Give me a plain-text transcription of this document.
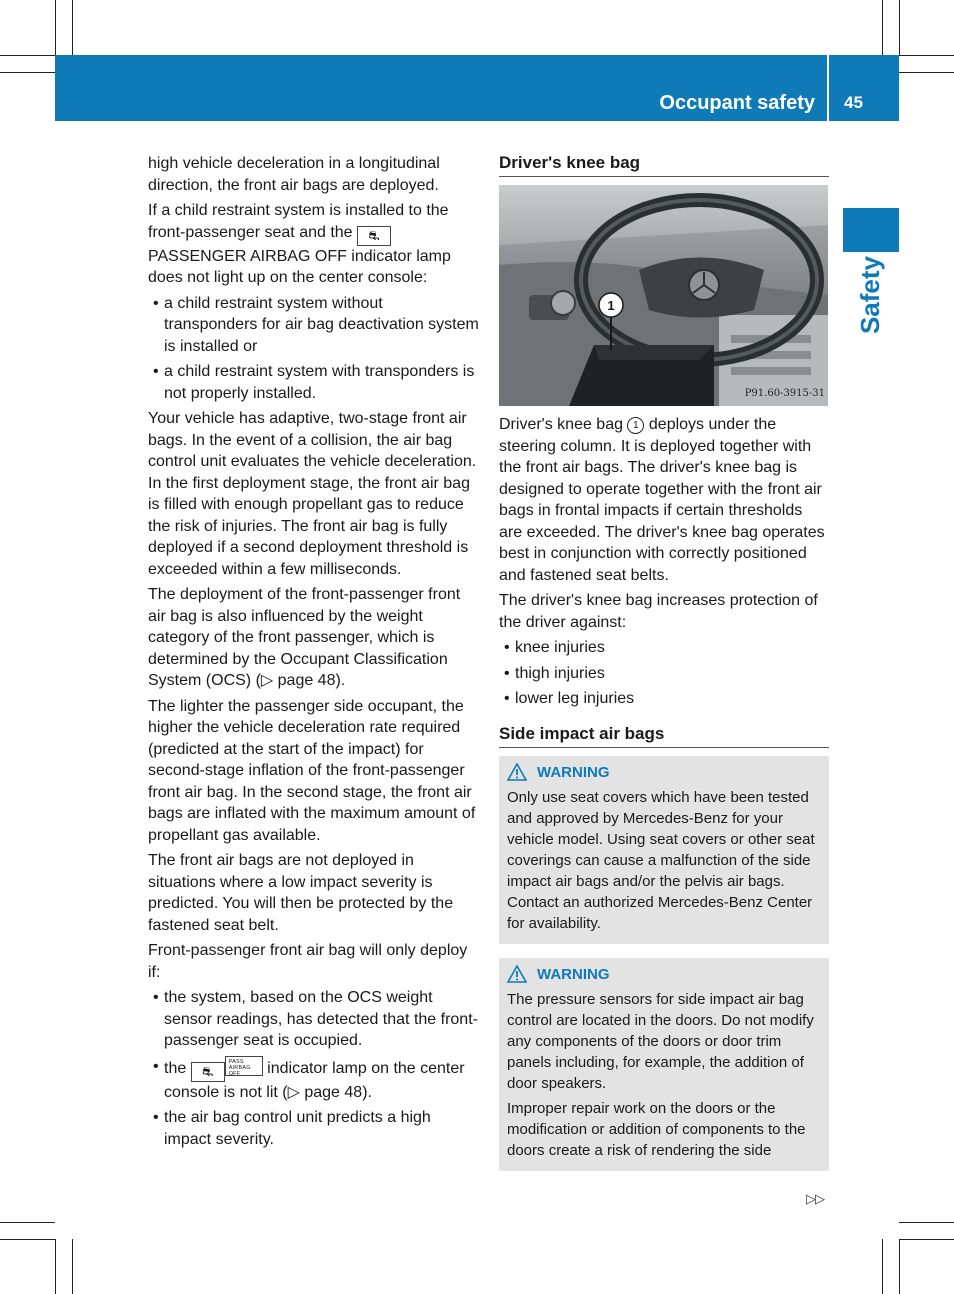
Occupant safety 45
Safety

high vehicle deceleration in a longitudinal direction, the front air bags are deployed.

If a child restraint system is installed to the front-passenger seat and the ⛐ PASSENGER AIRBAG OFF indicator lamp does not light up on the center console:

• a child restraint system without transponders for air bag deactivation system is installed or
• a child restraint system with transponders is not properly installed.

Your vehicle has adaptive, two-stage front air bags. In the event of a collision, the air bag control unit evaluates the vehicle deceleration. In the first deployment stage, the front air bag is filled with enough propellant gas to reduce the risk of injuries. The front air bag is fully deployed if a second deployment threshold is exceeded within a few milliseconds.

The deployment of the front-passenger front air bag is also influenced by the weight category of the front passenger, which is determined by the Occupant Classification System (OCS) (▷ page 48).

The lighter the passenger side occupant, the higher the vehicle deceleration rate required (predicted at the start of the impact) for second-stage inflation of the front-passenger front air bag. In the second stage, the front air bags are inflated with the maximum amount of propellant gas available.

The front air bags are not deployed in situations where a low impact severity is predicted. You will then be protected by the fastened seat belt.

Front-passenger front air bag will only deploy if:

• the system, based on the OCS weight sensor readings, has detected that the front-passenger seat is occupied.
• the ⛐
PASS AIRBAG OFF	indicator lamp on the center console is not lit (▷ page 48).
• the air bag control unit predicts a high impact severity.
Driver's knee bag
1
P91.60-3915-31

Driver's knee bag 1 deploys under the steering column. It is deployed together with the front air bags. The driver's knee bag is designed to operate together with the front air bags in frontal impacts if certain thresholds are exceeded. The driver's knee bag operates best in conjunction with correctly positioned and fastened seat belts.

The driver's knee bag increases protection of the driver against:

• knee injuries
• thigh injuries
• lower leg injuries
Side impact air bags
WARNING

Only use seat covers which have been tested and approved by Mercedes-Benz for your vehicle model. Using seat covers or other seat coverings can cause a malfunction of the side impact air bags and/or the pelvis air bags. Contact an authorized Mercedes-Benz Center for availability.

WARNING

The pressure sensors for side impact air bag control are located in the doors. Do not modify any components of the doors or door trim panels including, for example, the addition of door speakers.

Improper repair work on the doors or the modification or addition of components to the doors create a risk of rendering the side

▷▷
